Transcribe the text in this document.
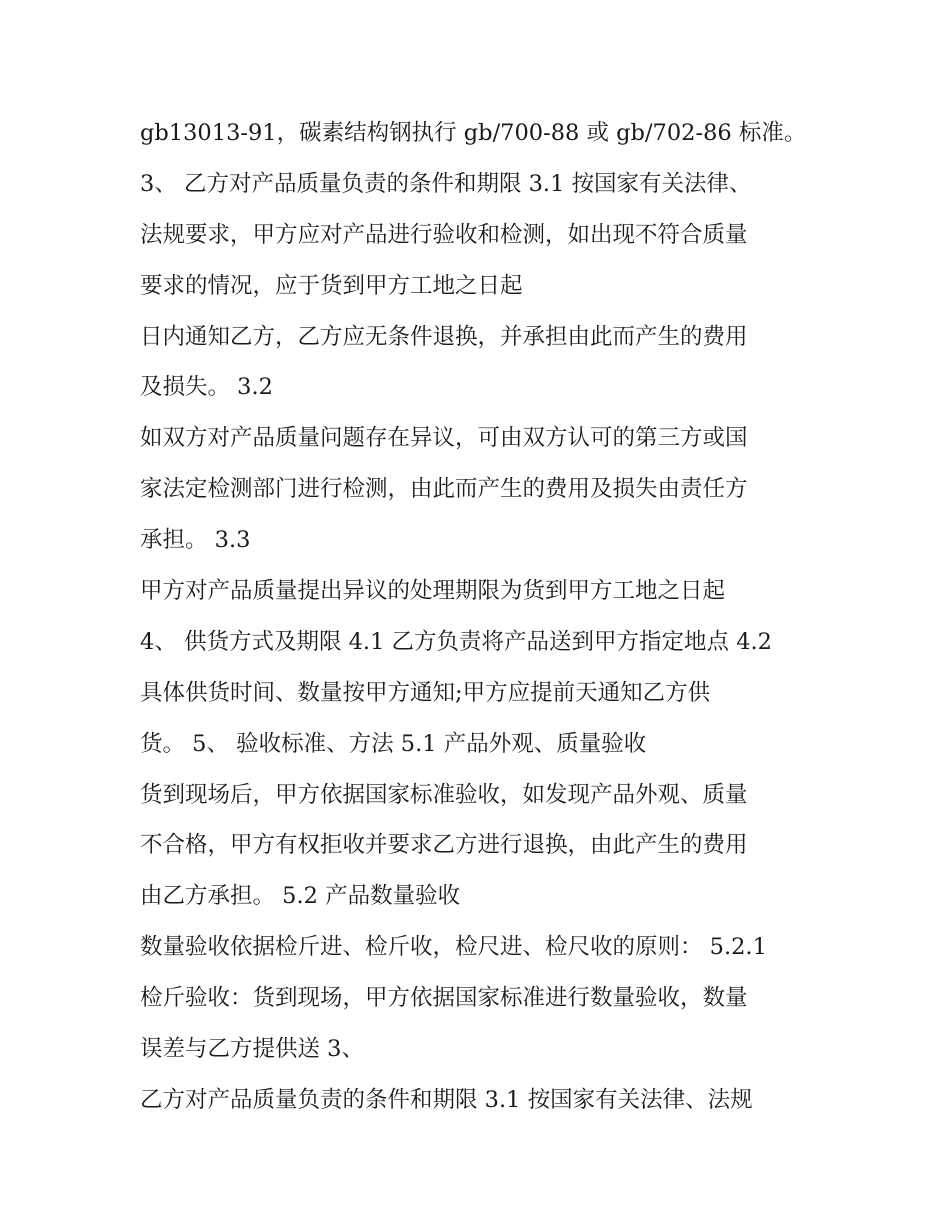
gb13013-91，碳素结构钢执行 gb/700-88 或 gb/702-86 标准。
3、 乙方对产品质量负责的条件和期限 3.1 按国家有关法律、
法规要求，甲方应对产品进行验收和检测，如出现不符合质量
要求的情况，应于货到甲方工地之日起
日内通知乙方，乙方应无条件退换，并承担由此而产生的费用
及损失。 3.2
如双方对产品质量问题存在异议，可由双方认可的第三方或国
家法定检测部门进行检测，由此而产生的费用及损失由责任方
承担。 3.3
甲方对产品质量提出异议的处理期限为货到甲方工地之日起
4、 供货方式及期限 4.1 乙方负责将产品送到甲方指定地点 4.2
具体供货时间、数量按甲方通知;甲方应提前天通知乙方供
货。 5、 验收标准、方法 5.1 产品外观、质量验收
货到现场后，甲方依据国家标准验收，如发现产品外观、质量
不合格，甲方有权拒收并要求乙方进行退换，由此产生的费用
由乙方承担。 5.2 产品数量验收
数量验收依据检斤进、检斤收，检尺进、检尺收的原则： 5.2.1
检斤验收：货到现场，甲方依据国家标准进行数量验收，数量
误差与乙方提供送 3、
乙方对产品质量负责的条件和期限 3.1 按国家有关法律、法规
